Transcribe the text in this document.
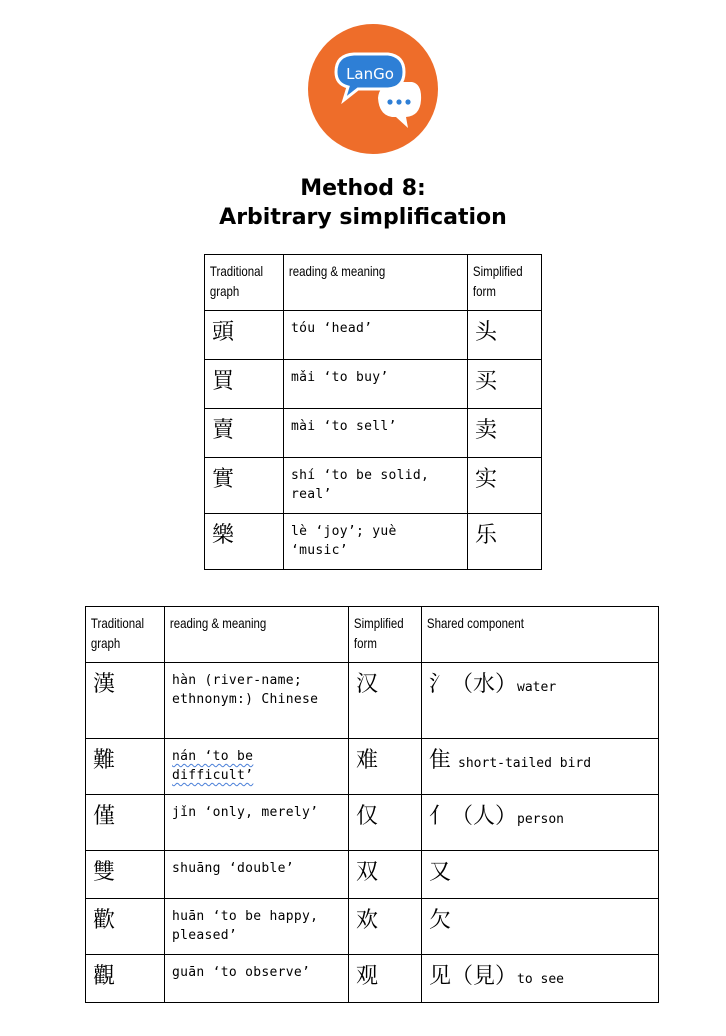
LanGo
Method 8:
Arbitrary simplification
Traditional graph	reading & meaning	Simplified form

頭	tóu ‘head’	头

買	mǎi ‘to buy’	买

賣	mài ‘to sell’	卖

實	shí ‘to be solid, real’	实

樂	lè ‘joy’; yuè ‘music’	乐
Traditional graph	reading & meaning	Simplified form	Shared component

漢	hàn (river-name; ethnonym:) Chinese	汉	氵（水）water

難	nán ‘to be difficult’	难	隹 short-tailed bird

僅	jǐn ‘only, merely’	仅	亻（人）person

雙	shuāng ‘double’	双	又

歡	huān ‘to be happy, pleased’	欢	欠

觀	guān ‘to observe’	观	见（見）to see
